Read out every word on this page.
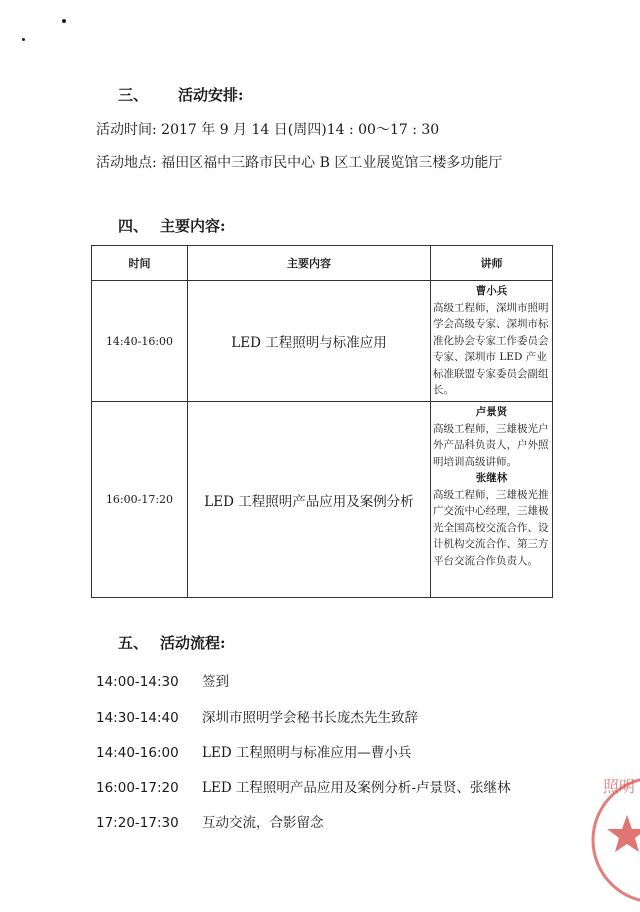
三、 活动安排:
活动时间: 2017 年 9 月 14 日(周四)14 : 00～17 : 30
活动地点: 福田区福中三路市民中心 B 区工业展览馆三楼多功能厅
四、 主要内容:
时间	主要内容	讲师
14:40-16:00	LED 工程照明与标准应用	曹小兵
高级工程师，深圳市照明学会高级专家、深圳市标准化协会专家工作委员会专家、深圳市 LED 产业标准联盟专家委员会副组长。
16:00-17:20	LED 工程照明产品应用及案例分析	卢景贤
高级工程师，三雄极光户外产品科负责人，户外照明培训高级讲师。
张继林
高级工程师，三雄极光推广交流中心经理，三雄极光全国高校交流合作、设计机构交流合作、第三方平台交流合作负责人。
五、 活动流程:
14:00-14:30 签到
14:30-14:40 深圳市照明学会秘书长庞杰先生致辞
14:40-16:00 LED 工程照明与标准应用—曹小兵
16:00-17:20 LED 工程照明产品应用及案例分析-卢景贤、张继林
17:20-17:30 互动交流，合影留念
照明
